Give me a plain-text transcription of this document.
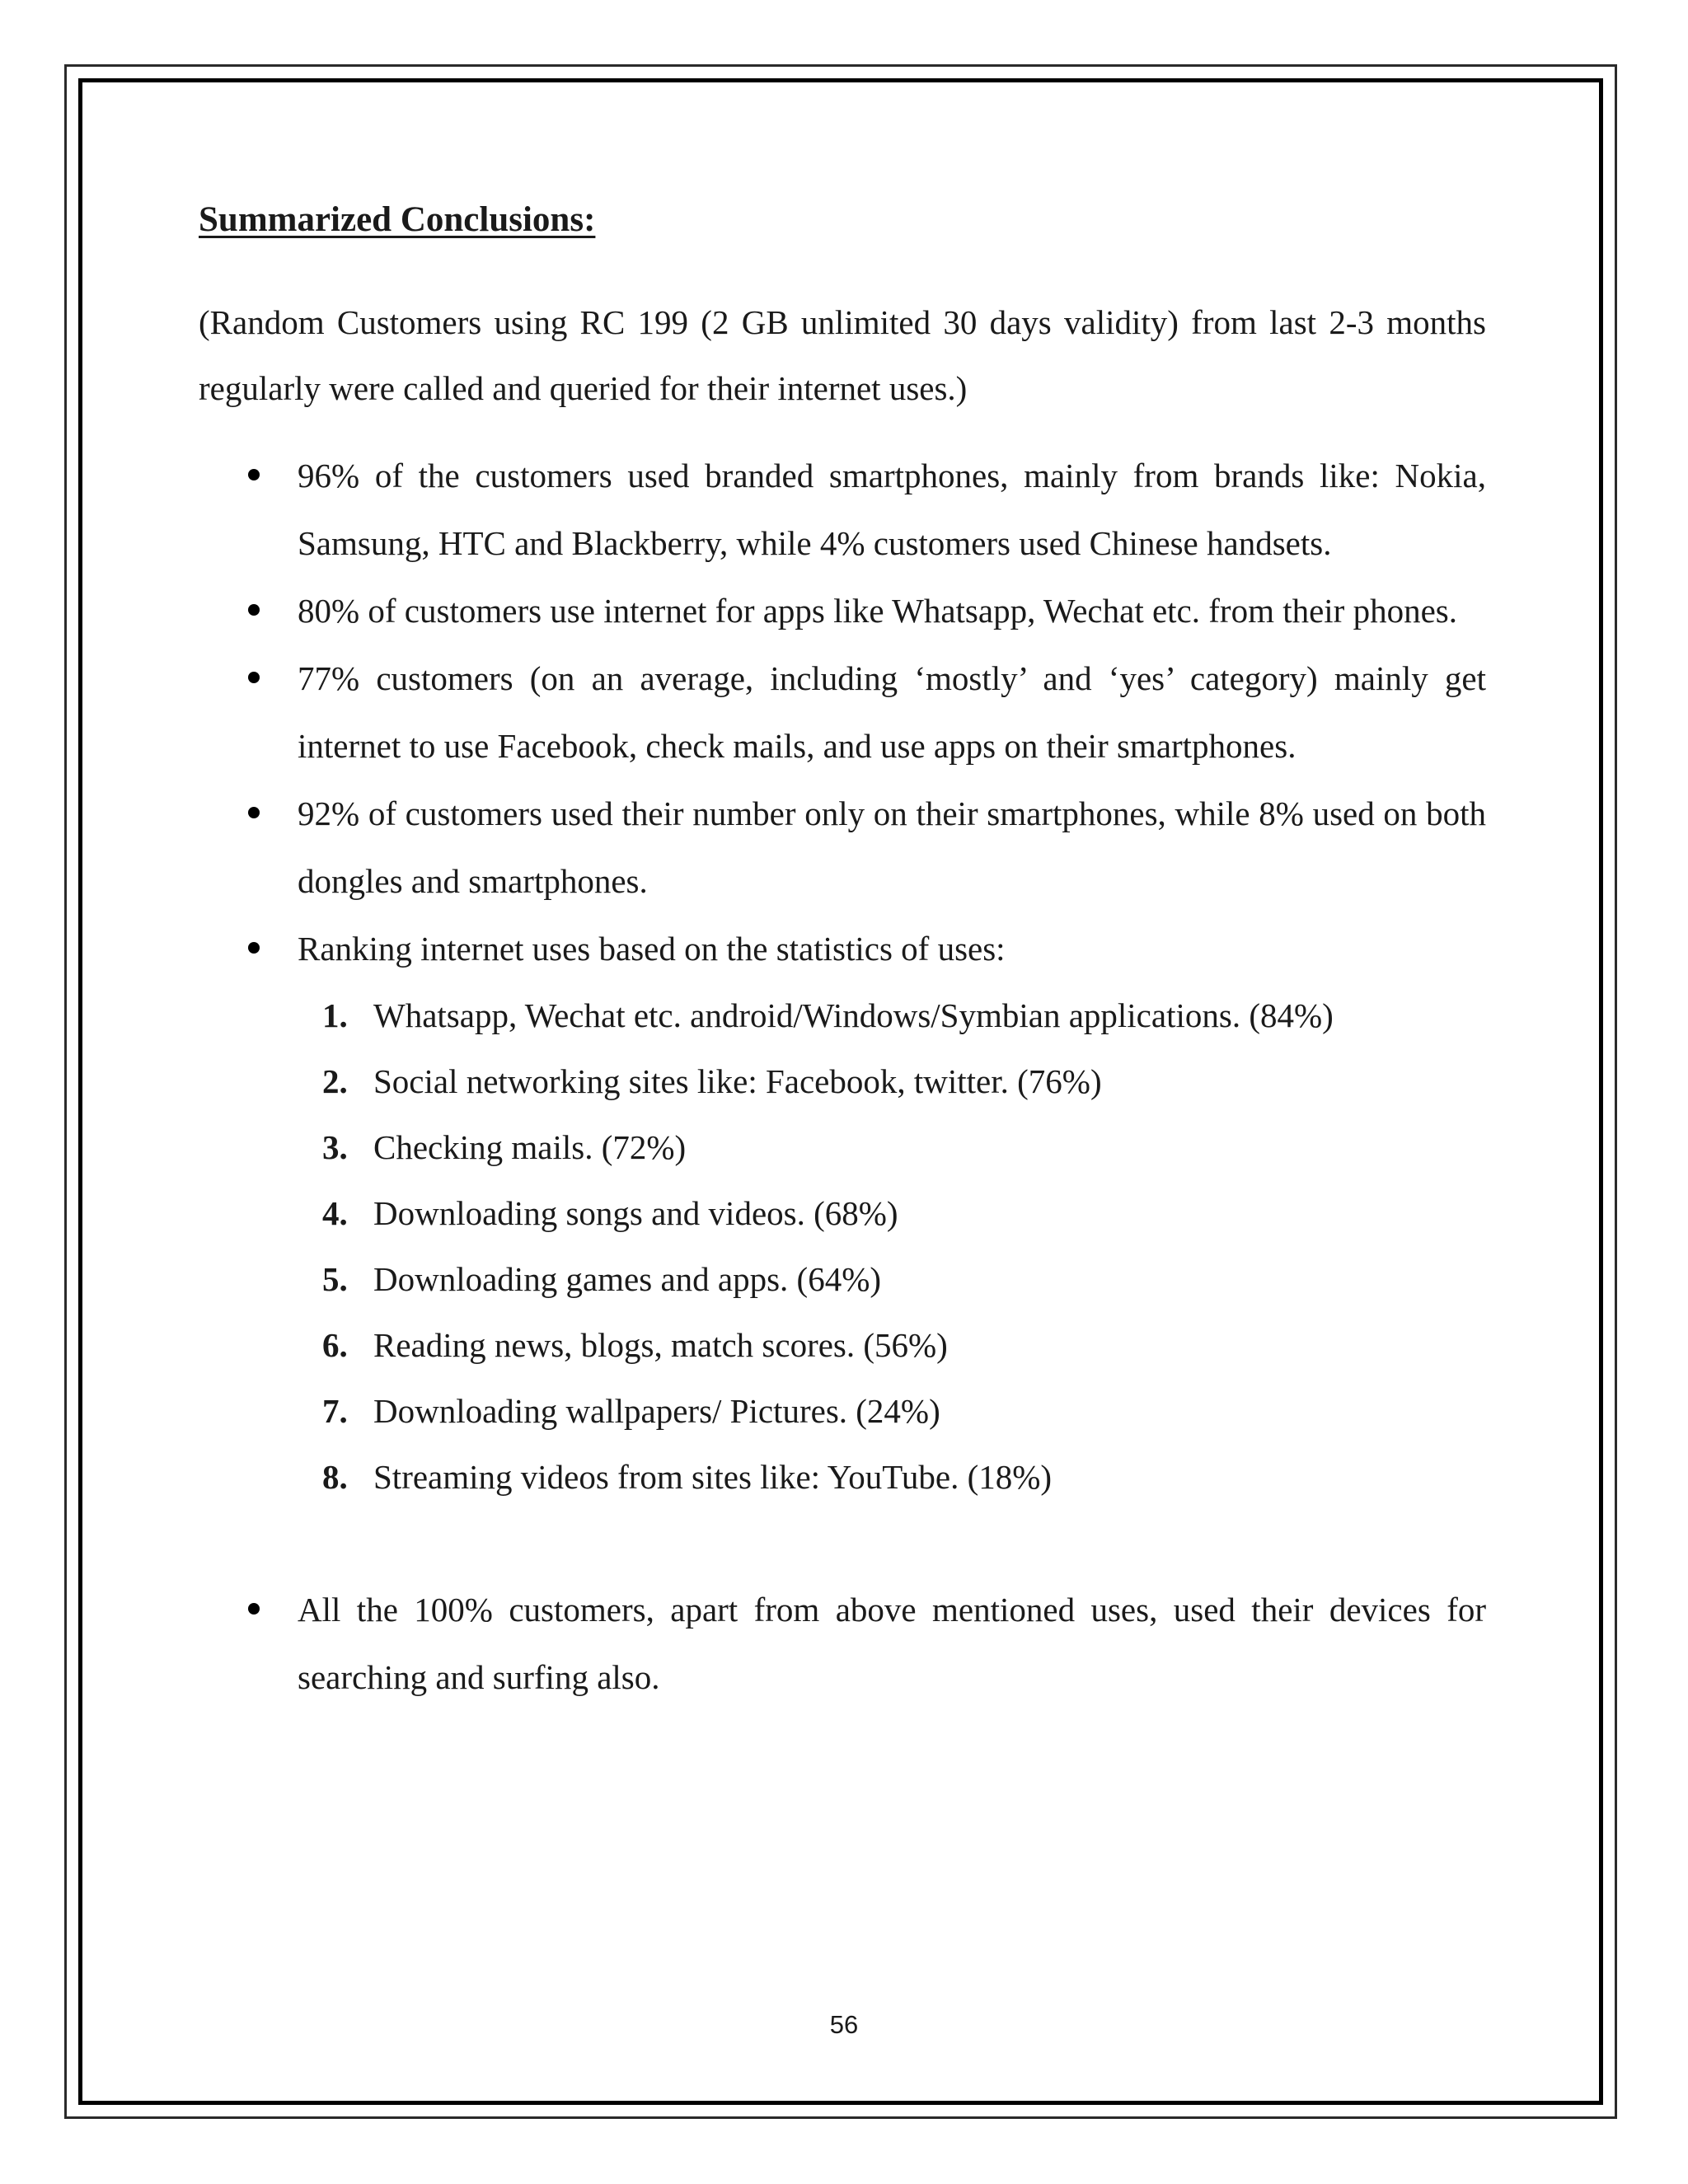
Summarized Conclusions:

(Random Customers using RC 199 (2 GB unlimited 30 days validity) from last 2-3 months regularly were called and queried for their internet uses.)

96% of the customers used branded smartphones, mainly from brands like: Nokia, Samsung, HTC and Blackberry, while 4% customers used Chinese handsets.
80% of customers use internet for apps like Whatsapp, Wechat etc. from their phones.
77% customers (on an average, including ‘mostly’ and ‘yes’ category) mainly get internet to use Facebook, check mails, and use apps on their smartphones.
92% of customers used their number only on their smartphones, while 8% used on both dongles and smartphones.
Ranking internet uses based on the statistics of uses:
1. Whatsapp, Wechat etc. android/Windows/Symbian applications. (84%)
2. Social networking sites like: Facebook, twitter. (76%)
3. Checking mails. (72%)
4. Downloading songs and videos. (68%)
5. Downloading games and apps. (64%)
6. Reading news, blogs, match scores. (56%)
7. Downloading wallpapers/ Pictures. (24%)
8. Streaming videos from sites like: YouTube. (18%)
All the 100% customers, apart from above mentioned uses, used their devices for searching and surfing also.
56
